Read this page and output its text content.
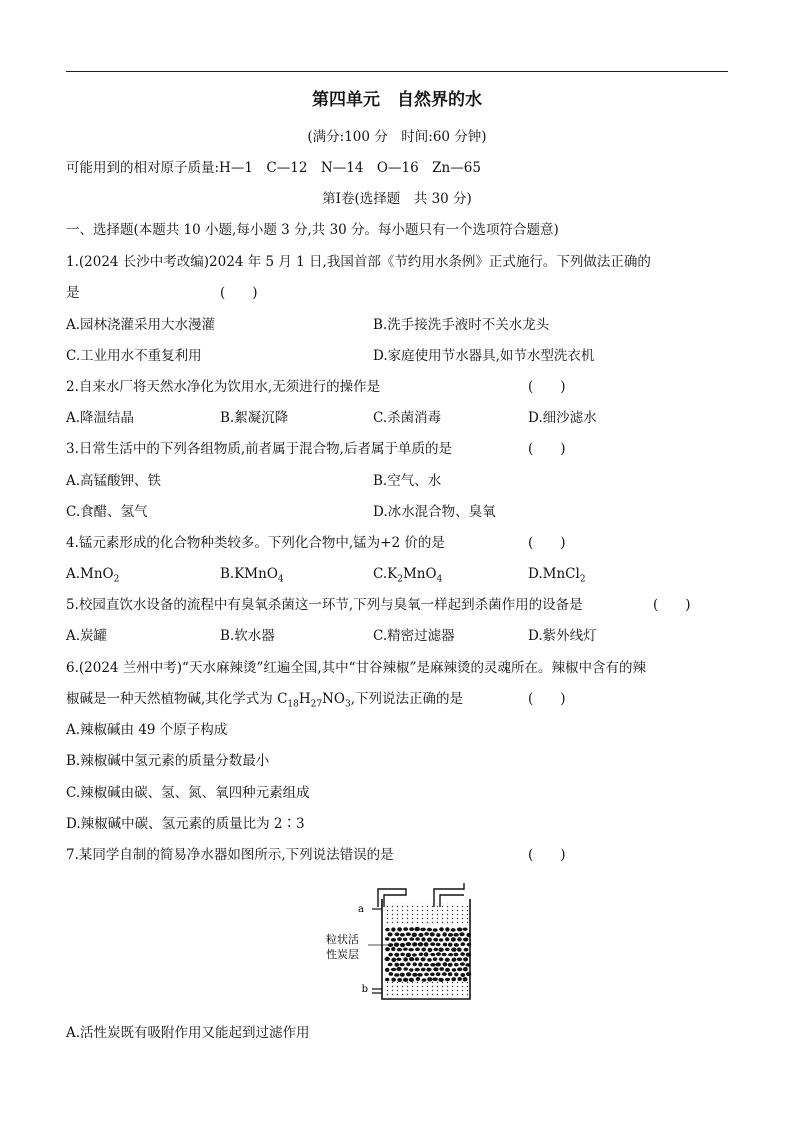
第四单元　自然界的水
(满分:100 分　时间:60 分钟)
可能用到的相对原子质量:H—1　C—12　N—14　O—16　Zn—65
第Ⅰ卷(选择题　共 30 分)
一、选择题(本题共 10 小题,每小题 3 分,共 30 分。每小题只有一个选项符合题意)
1.(2024 长沙中考改编)2024 年 5 月 1 日,我国首部《节约用水条例》正式施行。下列做法正确的
是	(　　)
A.园林浇灌采用大水漫灌	B.洗手接洗手液时不关水龙头
C.工业用水不重复利用	D.家庭使用节水器具,如节水型洗衣机
2.自来水厂将天然水净化为饮用水,无须进行的操作是	(　　)
A.降温结晶	B.絮凝沉降	C.杀菌消毒	D.细沙滤水
3.日常生活中的下列各组物质,前者属于混合物,后者属于单质的是	(　　)
A.高锰酸钾、铁	B.空气、水
C.食醋、氢气	D.冰水混合物、臭氧
4.锰元素形成的化合物种类较多。下列化合物中,锰为+2 价的是	(　　)
A.MnO$_2$	B.KMnO$_4$	$C.K_2MnO_4$	D.MnCl$_2$
5.校园直饮水设备的流程中有臭氧杀菌这一环节,下列与臭氧一样起到杀菌作用的设备是	(　　)
A.炭罐	B.软水器	C.精密过滤器	D.紫外线灯
6.(2024 兰州中考)“天水麻辣烫”红遍全国,其中“甘谷辣椒”是麻辣烫的灵魂所在。辣椒中含有的辣
椒碱是一种天然植物碱,其化学式为 $C_{18}H_{27}NO_3$,下列说法正确的是	(　　)
A.辣椒碱由 49 个原子构成
B.辣椒碱中氢元素的质量分数最小
C.辣椒碱由碳、氢、氮、氧四种元素组成
D.辣椒碱中碳、氢元素的质量比为 2∶3
7.某同学自制的简易净水器如图所示,下列说法错误的是	(　　)
a
b
粒状活
性炭层
A.活性炭既有吸附作用又能起到过滤作用
